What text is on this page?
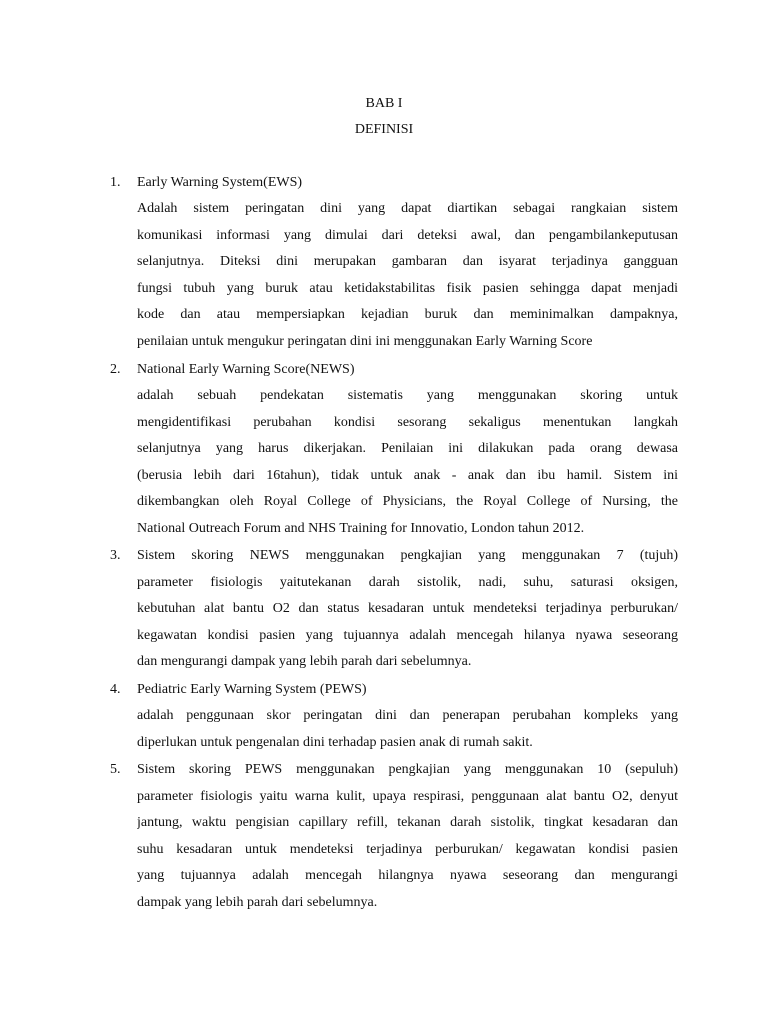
BAB I
DEFINISI
1. Early Warning System(EWS)
Adalah sistem peringatan dini yang dapat diartikan sebagai rangkaian sistem
komunikasi informasi yang dimulai dari deteksi awal, dan pengambilankeputusan
selanjutnya. Diteksi dini merupakan gambaran dan isyarat terjadinya gangguan
fungsi tubuh yang buruk atau ketidakstabilitas fisik pasien sehingga dapat menjadi
kode dan atau mempersiapkan kejadian buruk dan meminimalkan dampaknya,
penilaian untuk mengukur peringatan dini ini menggunakan Early Warning Score
2. National Early Warning Score(NEWS)
adalah sebuah pendekatan sistematis yang menggunakan skoring untuk
mengidentifikasi perubahan kondisi sesorang sekaligus menentukan langkah
selanjutnya yang harus dikerjakan. Penilaian ini dilakukan pada orang dewasa
(berusia lebih dari 16tahun), tidak untuk anak - anak dan ibu hamil. Sistem ini
dikembangkan oleh Royal College of Physicians, the Royal College of Nursing, the
National Outreach Forum and NHS Training for Innovatio, London tahun 2012.
3. Sistem skoring NEWS menggunakan pengkajian yang menggunakan 7 (tujuh)
parameter fisiologis yaitutekanan darah sistolik, nadi, suhu, saturasi oksigen,
kebutuhan alat bantu O2 dan status kesadaran untuk mendeteksi terjadinya perburukan/
kegawatan kondisi pasien yang tujuannya adalah mencegah hilanya nyawa seseorang
dan mengurangi dampak yang lebih parah dari sebelumnya.
4. Pediatric Early Warning System (PEWS)
adalah penggunaan skor peringatan dini dan penerapan perubahan kompleks yang
diperlukan untuk pengenalan dini terhadap pasien anak di rumah sakit.
5. Sistem skoring PEWS menggunakan pengkajian yang menggunakan 10 (sepuluh)
parameter fisiologis yaitu warna kulit, upaya respirasi, penggunaan alat bantu O2, denyut
jantung, waktu pengisian capillary refill, tekanan darah sistolik, tingkat kesadaran dan
suhu kesadaran untuk mendeteksi terjadinya perburukan/ kegawatan kondisi pasien
yang tujuannya adalah mencegah hilangnya nyawa seseorang dan mengurangi
dampak yang lebih parah dari sebelumnya.
